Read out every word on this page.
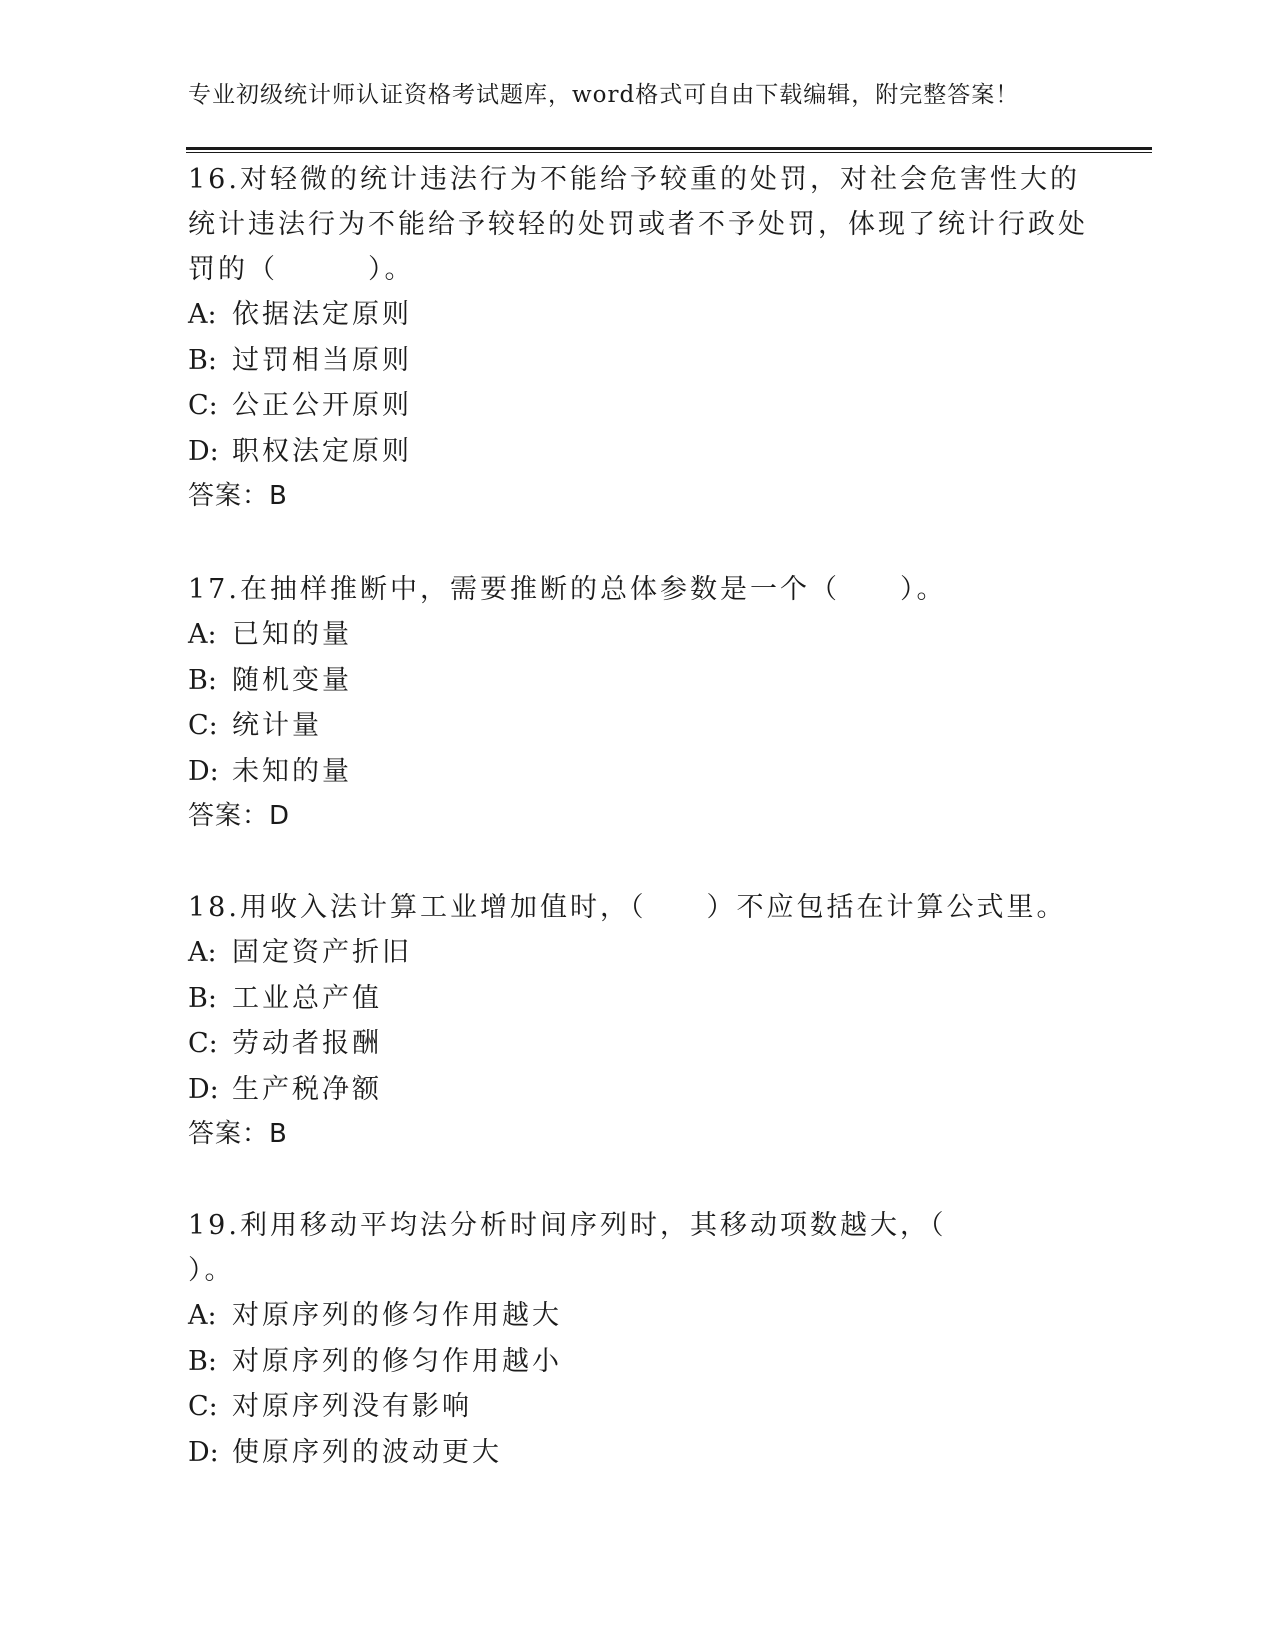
专业初级统计师认证资格考试题库，word格式可自由下载编辑，附完整答案！
16.对轻微的统计违法行为不能给予较重的处罚，对社会危害性大的统计违法行为不能给予较轻的处罚或者不予处罚，体现了统计行政处罚的（　　　）。
A: 依据法定原则
B: 过罚相当原则
C: 公正公开原则
D: 职权法定原则
答案：B
17.在抽样推断中，需要推断的总体参数是一个（　　）。
A: 已知的量
B: 随机变量
C: 统计量
D: 未知的量
答案：D
18.用收入法计算工业增加值时，（　　）不应包括在计算公式里。
A: 固定资产折旧
B: 工业总产值
C: 劳动者报酬
D: 生产税净额
答案：B
19.利用移动平均法分析时间序列时，其移动项数越大，（
）。
A: 对原序列的修匀作用越大
B: 对原序列的修匀作用越小
C: 对原序列没有影响
D: 使原序列的波动更大
